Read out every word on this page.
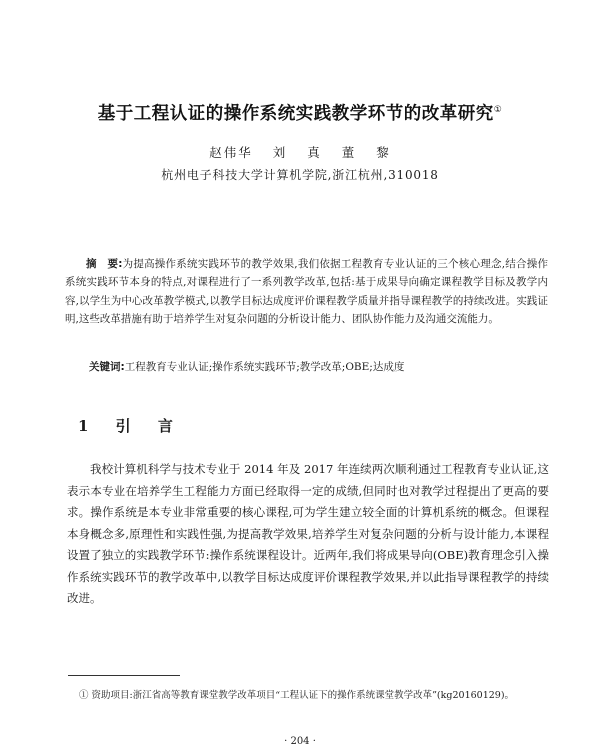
基于工程认证的操作系统实践教学环节的改革研究①
赵伟华 刘 真 董 黎
杭州电子科技大学计算机学院,浙江杭州,310018

摘　要:为提高操作系统实践环节的教学效果,我们依据工程教育专业认证的三个核心理念,结合操作系统实践环节本身的特点,对课程进行了一系列教学改革,包括:基于成果导向确定课程教学目标及教学内容,以学生为中心改革教学模式,以教学目标达成度评价课程教学质量并指导课程教学的持续改进。实践证明,这些改革措施有助于培养学生对复杂问题的分析设计能力、团队协作能力及沟通交流能力。

关键词:工程教育专业认证;操作系统实践环节;教学改革;OBE;达成度

1 引 言

我校计算机科学与技术专业于 2014 年及 2017 年连续两次顺利通过工程教育专业认证,这表示本专业在培养学生工程能力方面已经取得一定的成绩,但同时也对教学过程提出了更高的要求。操作系统是本专业非常重要的核心课程,可为学生建立较全面的计算机系统的概念。但课程本身概念多,原理性和实践性强,为提高教学效果,培养学生对复杂问题的分析与设计能力,本课程设置了独立的实践教学环节:操作系统课程设计。近两年,我们将成果导向(OBE)教育理念引入操作系统实践环节的教学改革中,以教学目标达成度评价课程教学效果,并以此指导课程教学的持续改进。

① 资助项目:浙江省高等教育课堂教学改革项目“工程认证下的操作系统课堂教学改革”(kg20160129)。

· 204 ·
